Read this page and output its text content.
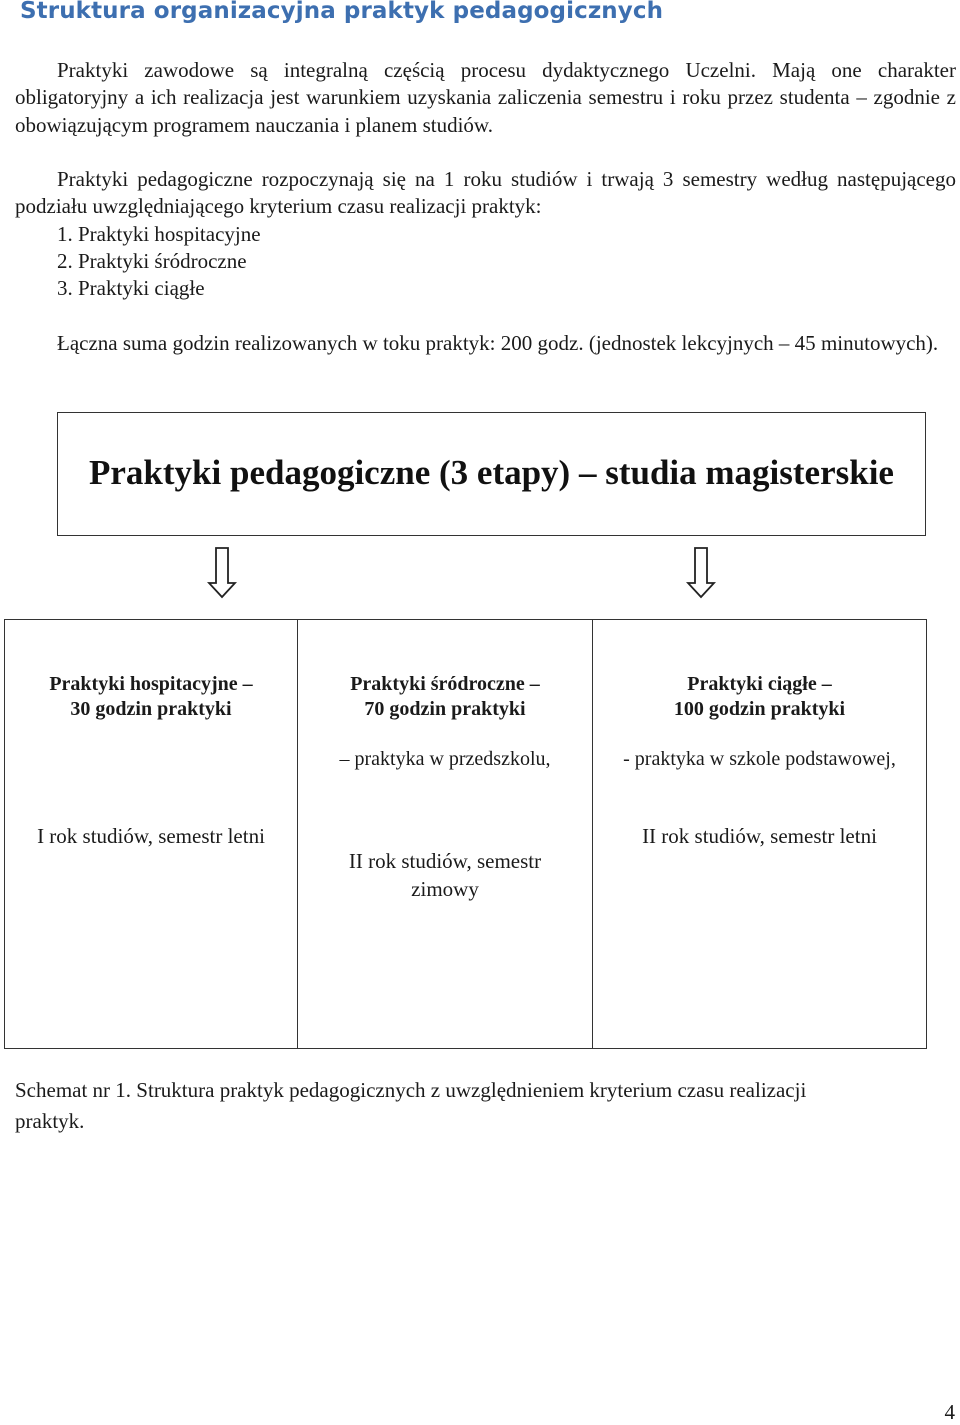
Struktura organizacyjna praktyk pedagogicznych

Praktyki zawodowe są integralną częścią procesu dydaktycznego Uczelni. Mają one charakter obligatoryjny a ich realizacja jest warunkiem uzyskania zaliczenia semestru i roku przez studenta – zgodnie z obowiązującym programem nauczania i planem studiów.

Praktyki pedagogiczne rozpoczynają się na 1 roku studiów i trwają 3 semestry według następującego podziału uwzględniającego kryterium czasu realizacji praktyk:

1. Praktyki hospitacyjne

2. Praktyki śródroczne

3. Praktyki ciągłe

Łączna suma godzin realizowanych w toku praktyk: 200 godz. (jednostek lekcyjnych – 45 minutowych).

Praktyki pedagogiczne (3 etapy) – studia magisterskie

Praktyki hospitacyjne –
30 godzin praktyki

I rok studiów, semestr letni

Praktyki śródroczne –
70 godzin praktyki

– praktyka w przedszkolu,

II rok studiów, semestr
zimowy

Praktyki ciągłe –
100 godzin praktyki

- praktyka w szkole podstawowej,

II rok studiów, semestr letni

Schemat nr 1. Struktura praktyk pedagogicznych z uwzględnieniem kryterium czasu realizacji
praktyk.

4
